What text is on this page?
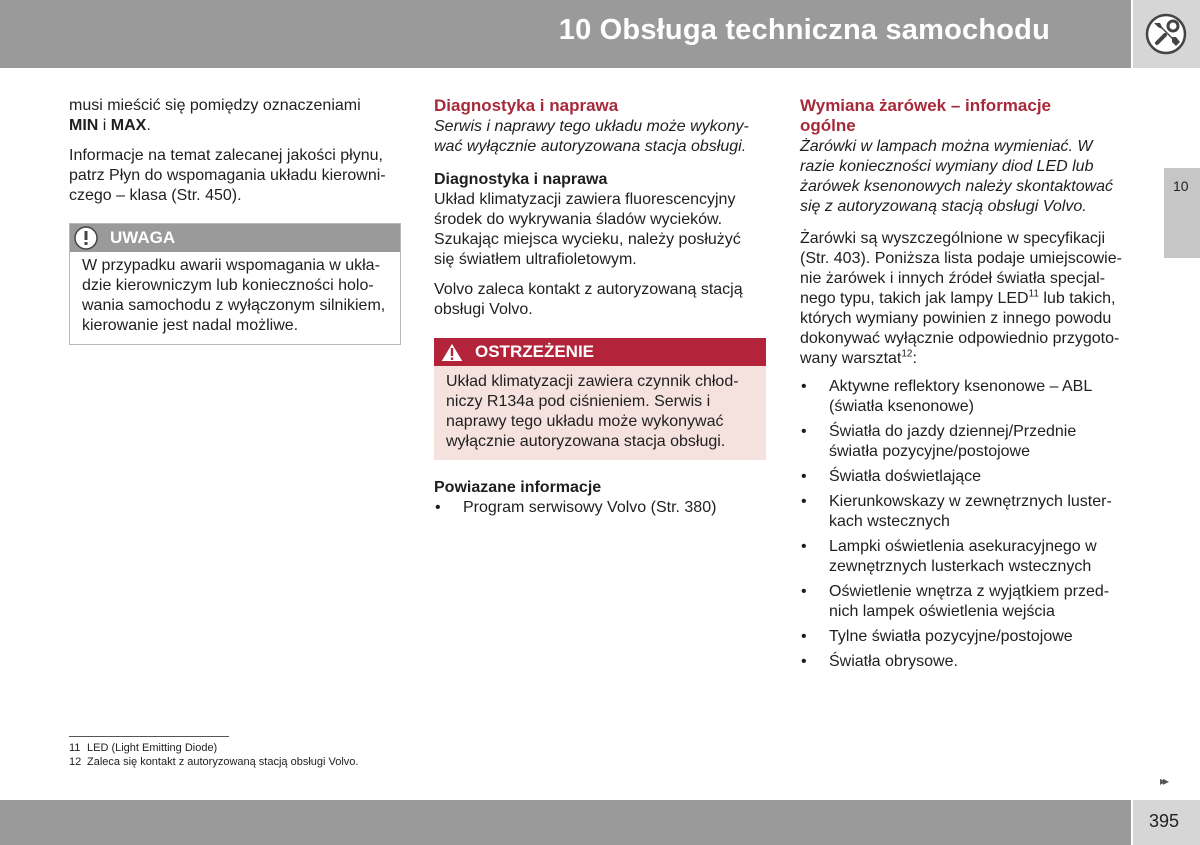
10 Obsługa techniczna samochodu
10

musi mieścić się pomiędzy oznaczeniami
MIN i MAX.

Informacje na temat zalecanej jakości płynu, patrz Płyn do wspomagania układu kierowni-czego – klasa (Str. 450).

UWAGA
W przypadku awarii wspomagania w ukła-dzie kierowniczym lub konieczności holo-wania samochodu z wyłączonym silnikiem, kierowanie jest nadal możliwe.

Diagnostyka i naprawa

Serwis i naprawy tego układu może wykony-wać wyłącznie autoryzowana stacja obsługi.

Diagnostyka i naprawa

Układ klimatyzacji zawiera fluorescencyjny środek do wykrywania śladów wycieków. Szukając miejsca wycieku, należy posłużyć się światłem ultrafioletowym.

Volvo zaleca kontakt z autoryzowaną stacją obsługi Volvo.

OSTRZEŻENIE
Układ klimatyzacji zawiera czynnik chłod-niczy R134a pod ciśnieniem. Serwis i naprawy tego układu może wykonywać wyłącznie autoryzowana stacja obsługi.

Powiazane informacje

• Program serwisowy Volvo (Str. 380)

Wymiana żarówek – informacje ogólne

Żarówki w lampach można wymieniać. W razie konieczności wymiany diod LED lub żarówek ksenonowych należy skontaktować się z autoryzowaną stacją obsługi Volvo.

Żarówki są wyszczególnione w specyfikacji (Str. 403). Poniższa lista podaje umiejscowie-nie żarówek i innych źródeł światła specjal-nego typu, takich jak lampy LED$^{11}$ lub takich, których wymiany powinien z innego powodu dokonywać wyłącznie odpowiednio przygoto-wany warsztat$^{12}$:

• Aktywne reflektory ksenonowe – ABL (światła ksenonowe)
• Światła do jazdy dziennej/Przednie światła pozycyjne/postojowe
• Światła doświetlające
• Kierunkowskazy w zewnętrznych luster-kach wstecznych
• Lampki oświetlenia asekuracyjnego w zewnętrznych lusterkach wstecznych
• Oświetlenie wnętrza z wyjątkiem przed-nich lampek oświetlenia wejścia
• Tylne światła pozycyjne/postojowe
• Światła obrysowe.
11 LED (Light Emitting Diode)
12 Zaleca się kontakt z autoryzowaną stacją obsługi Volvo.
▸▸
395
